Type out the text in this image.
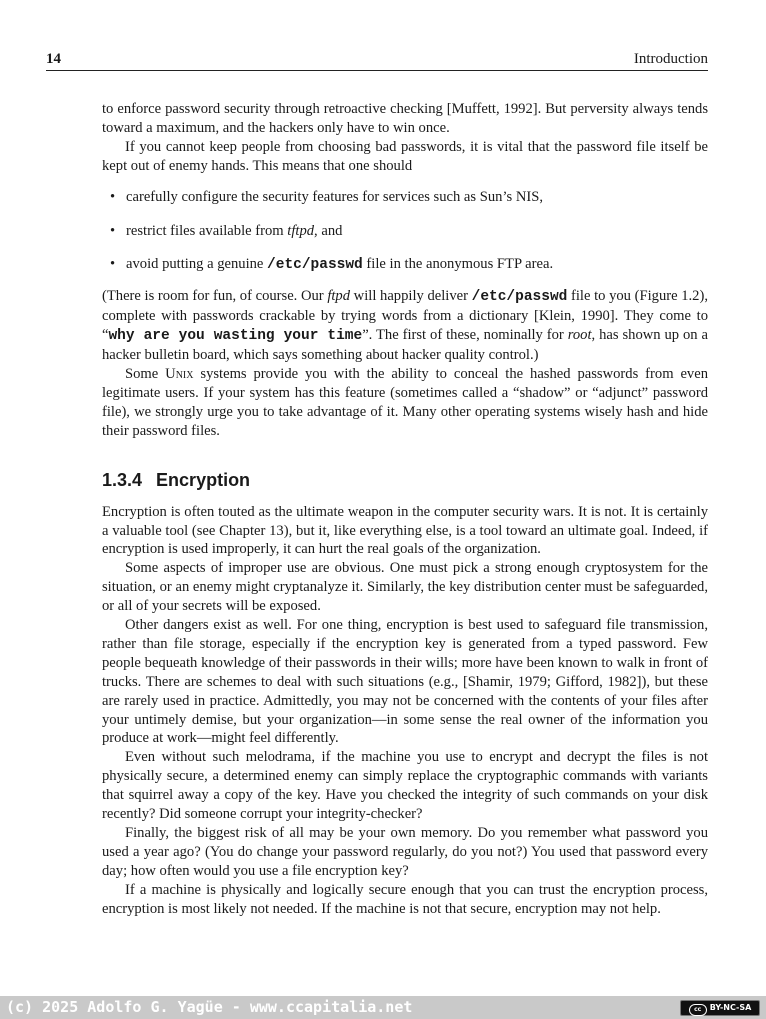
14	Introduction

to enforce password security through retroactive checking [Muffett, 1992]. But perversity always tends toward a maximum, and the hackers only have to win once.

If you cannot keep people from choosing bad passwords, it is vital that the password file itself be kept out of enemy hands. This means that one should

• carefully configure the security features for services such as Sun’s NIS,
• restrict files available from tftpd, and
• avoid putting a genuine /etc/passwd file in the anonymous FTP area.

(There is room for fun, of course. Our ftpd will happily deliver /etc/passwd file to you (Figure 1.2), complete with passwords crackable by trying words from a dictionary [Klein, 1990]. They come to “why are you wasting your time”. The first of these, nominally for root, has shown up on a hacker bulletin board, which says something about hacker quality control.)

Some Unix systems provide you with the ability to conceal the hashed passwords from even legitimate users. If your system has this feature (sometimes called a “shadow” or “adjunct” password file), we strongly urge you to take advantage of it. Many other operating systems wisely hash and hide their password files.

1.3.4 Encryption

Encryption is often touted as the ultimate weapon in the computer security wars. It is not. It is certainly a valuable tool (see Chapter 13), but it, like everything else, is a tool toward an ultimate goal. Indeed, if encryption is used improperly, it can hurt the real goals of the organization.

Some aspects of improper use are obvious. One must pick a strong enough cryptosystem for the situation, or an enemy might cryptanalyze it. Similarly, the key distribution center must be safeguarded, or all of your secrets will be exposed.

Other dangers exist as well. For one thing, encryption is best used to safeguard file transmission, rather than file storage, especially if the encryption key is generated from a typed password. Few people bequeath knowledge of their passwords in their wills; more have been known to walk in front of trucks. There are schemes to deal with such situations (e.g., [Shamir, 1979; Gifford, 1982]), but these are rarely used in practice. Admittedly, you may not be concerned with the contents of your files after your untimely demise, but your organization—in some sense the real owner of the information you produce at work—might feel differently.

Even without such melodrama, if the machine you use to encrypt and decrypt the files is not physically secure, a determined enemy can simply replace the cryptographic commands with variants that squirrel away a copy of the key. Have you checked the integrity of such commands on your disk recently? Did someone corrupt your integrity-checker?

Finally, the biggest risk of all may be your own memory. Do you remember what password you used a year ago? (You do change your password regularly, do you not?) You used that password every day; how often would you use a file encryption key?

If a machine is physically and logically secure enough that you can trust the encryption process, encryption is most likely not needed. If the machine is not that secure, encryption may not help.

(c) 2025 Adolfo G. Yagüe - www.ccapitalia.net	cc BY-NC-SA
